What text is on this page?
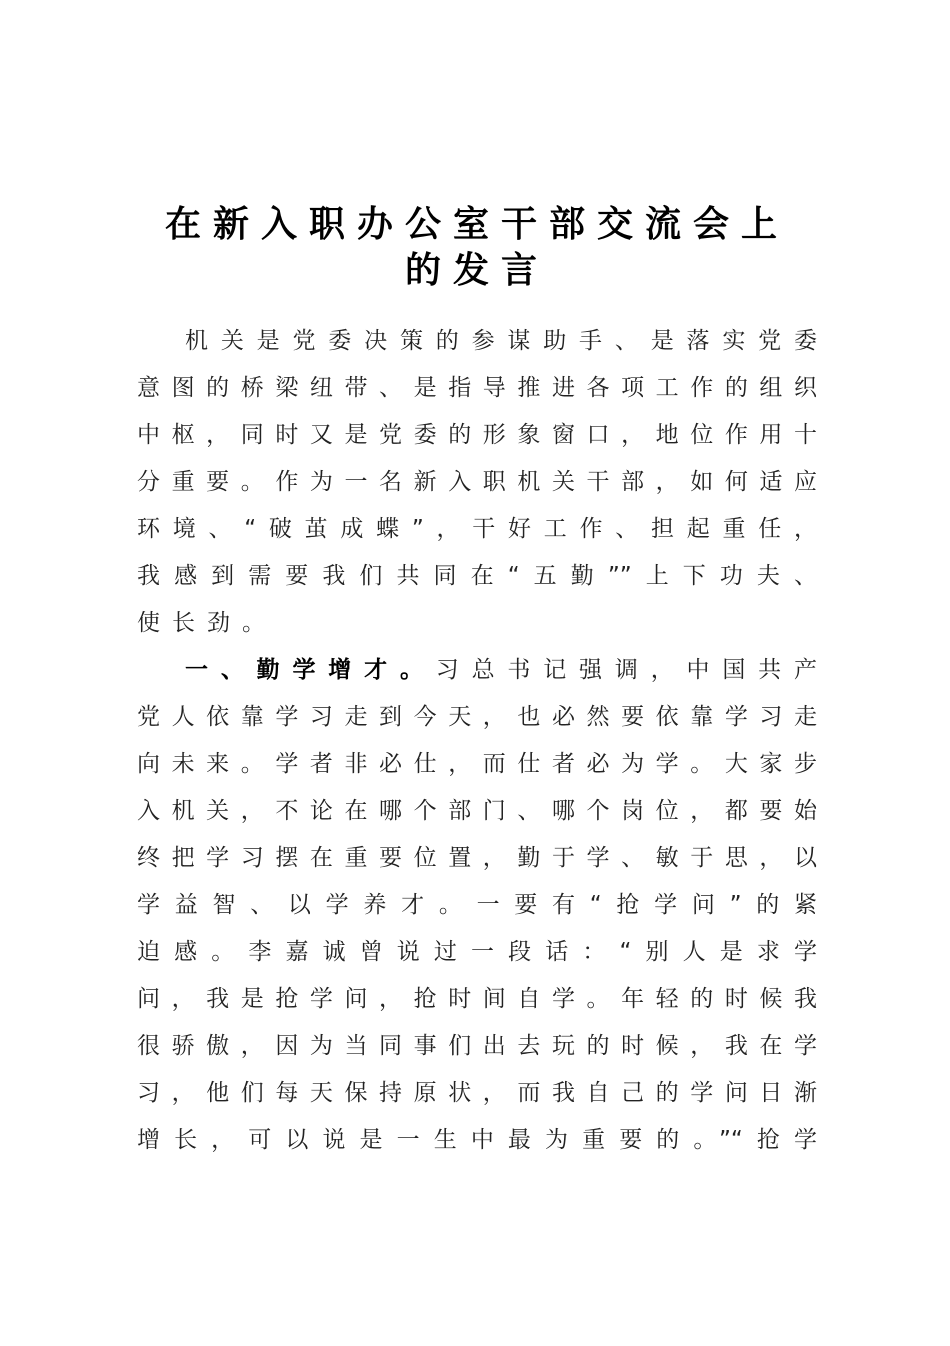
在新入职办公室干部交流会上
的发言
机关是党委决策的参谋助手、是落实党委
意图的桥梁纽带、是指导推进各项工作的组织
中枢，同时又是党委的形象窗口，地位作用十
分重要。作为一名新入职机关干部，如何适应
环境、“破茧成蝶”，干好工作、担起重任，
我感到需要我们共同在“五勤””上下功夫、
使长劲。
一、勤学增才。习总书记强调，中国共产
党人依靠学习走到今天，也必然要依靠学习走
向未来。学者非必仕，而仕者必为学。大家步
入机关，不论在哪个部门、哪个岗位，都要始
终把学习摆在重要位置，勤于学、敏于思，以
学益智、以学养才。一要有“抢学问”的紧
迫感。李嘉诚曾说过一段话：“别人是求学
问，我是抢学问，抢时间自学。年轻的时候我
很骄傲，因为当同事们出去玩的时候，我在学
习，他们每天保持原状，而我自己的学问日渐
增长，可以说是一生中最为重要的。”“抢学
